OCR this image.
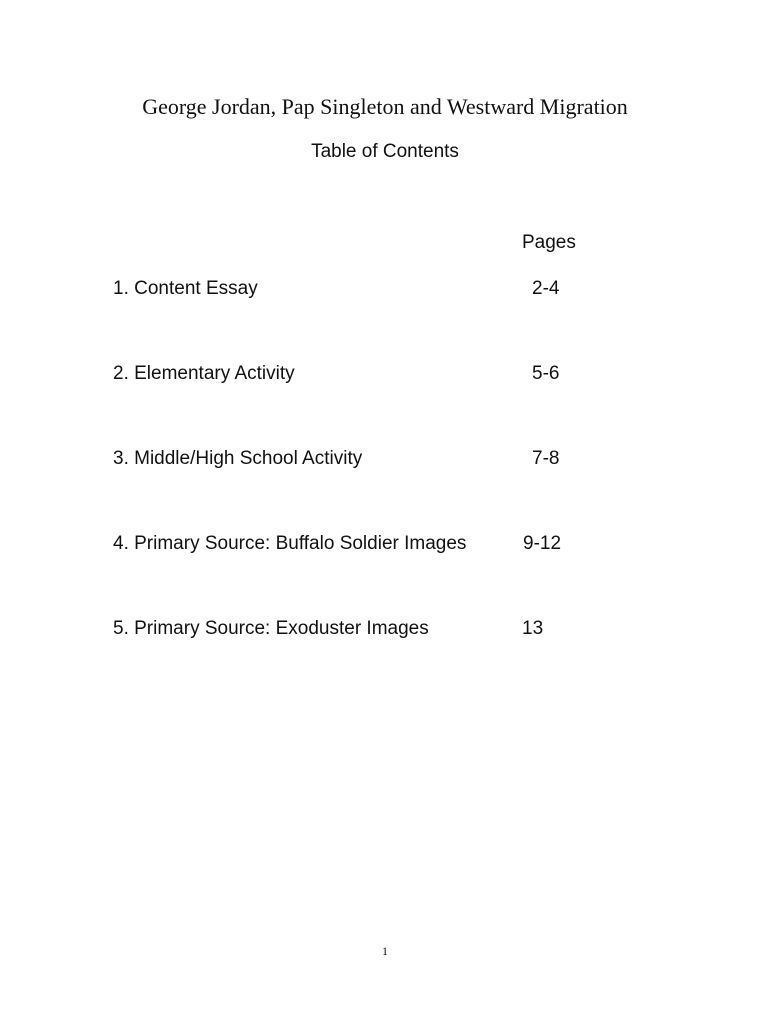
George Jordan, Pap Singleton and Westward Migration
Table of Contents
Pages
1. Content Essay	2-4
2. Elementary Activity	5-6
3. Middle/High School Activity	7-8
4. Primary Source: Buffalo Soldier Images	9-12
5. Primary Source: Exoduster Images	13
1
